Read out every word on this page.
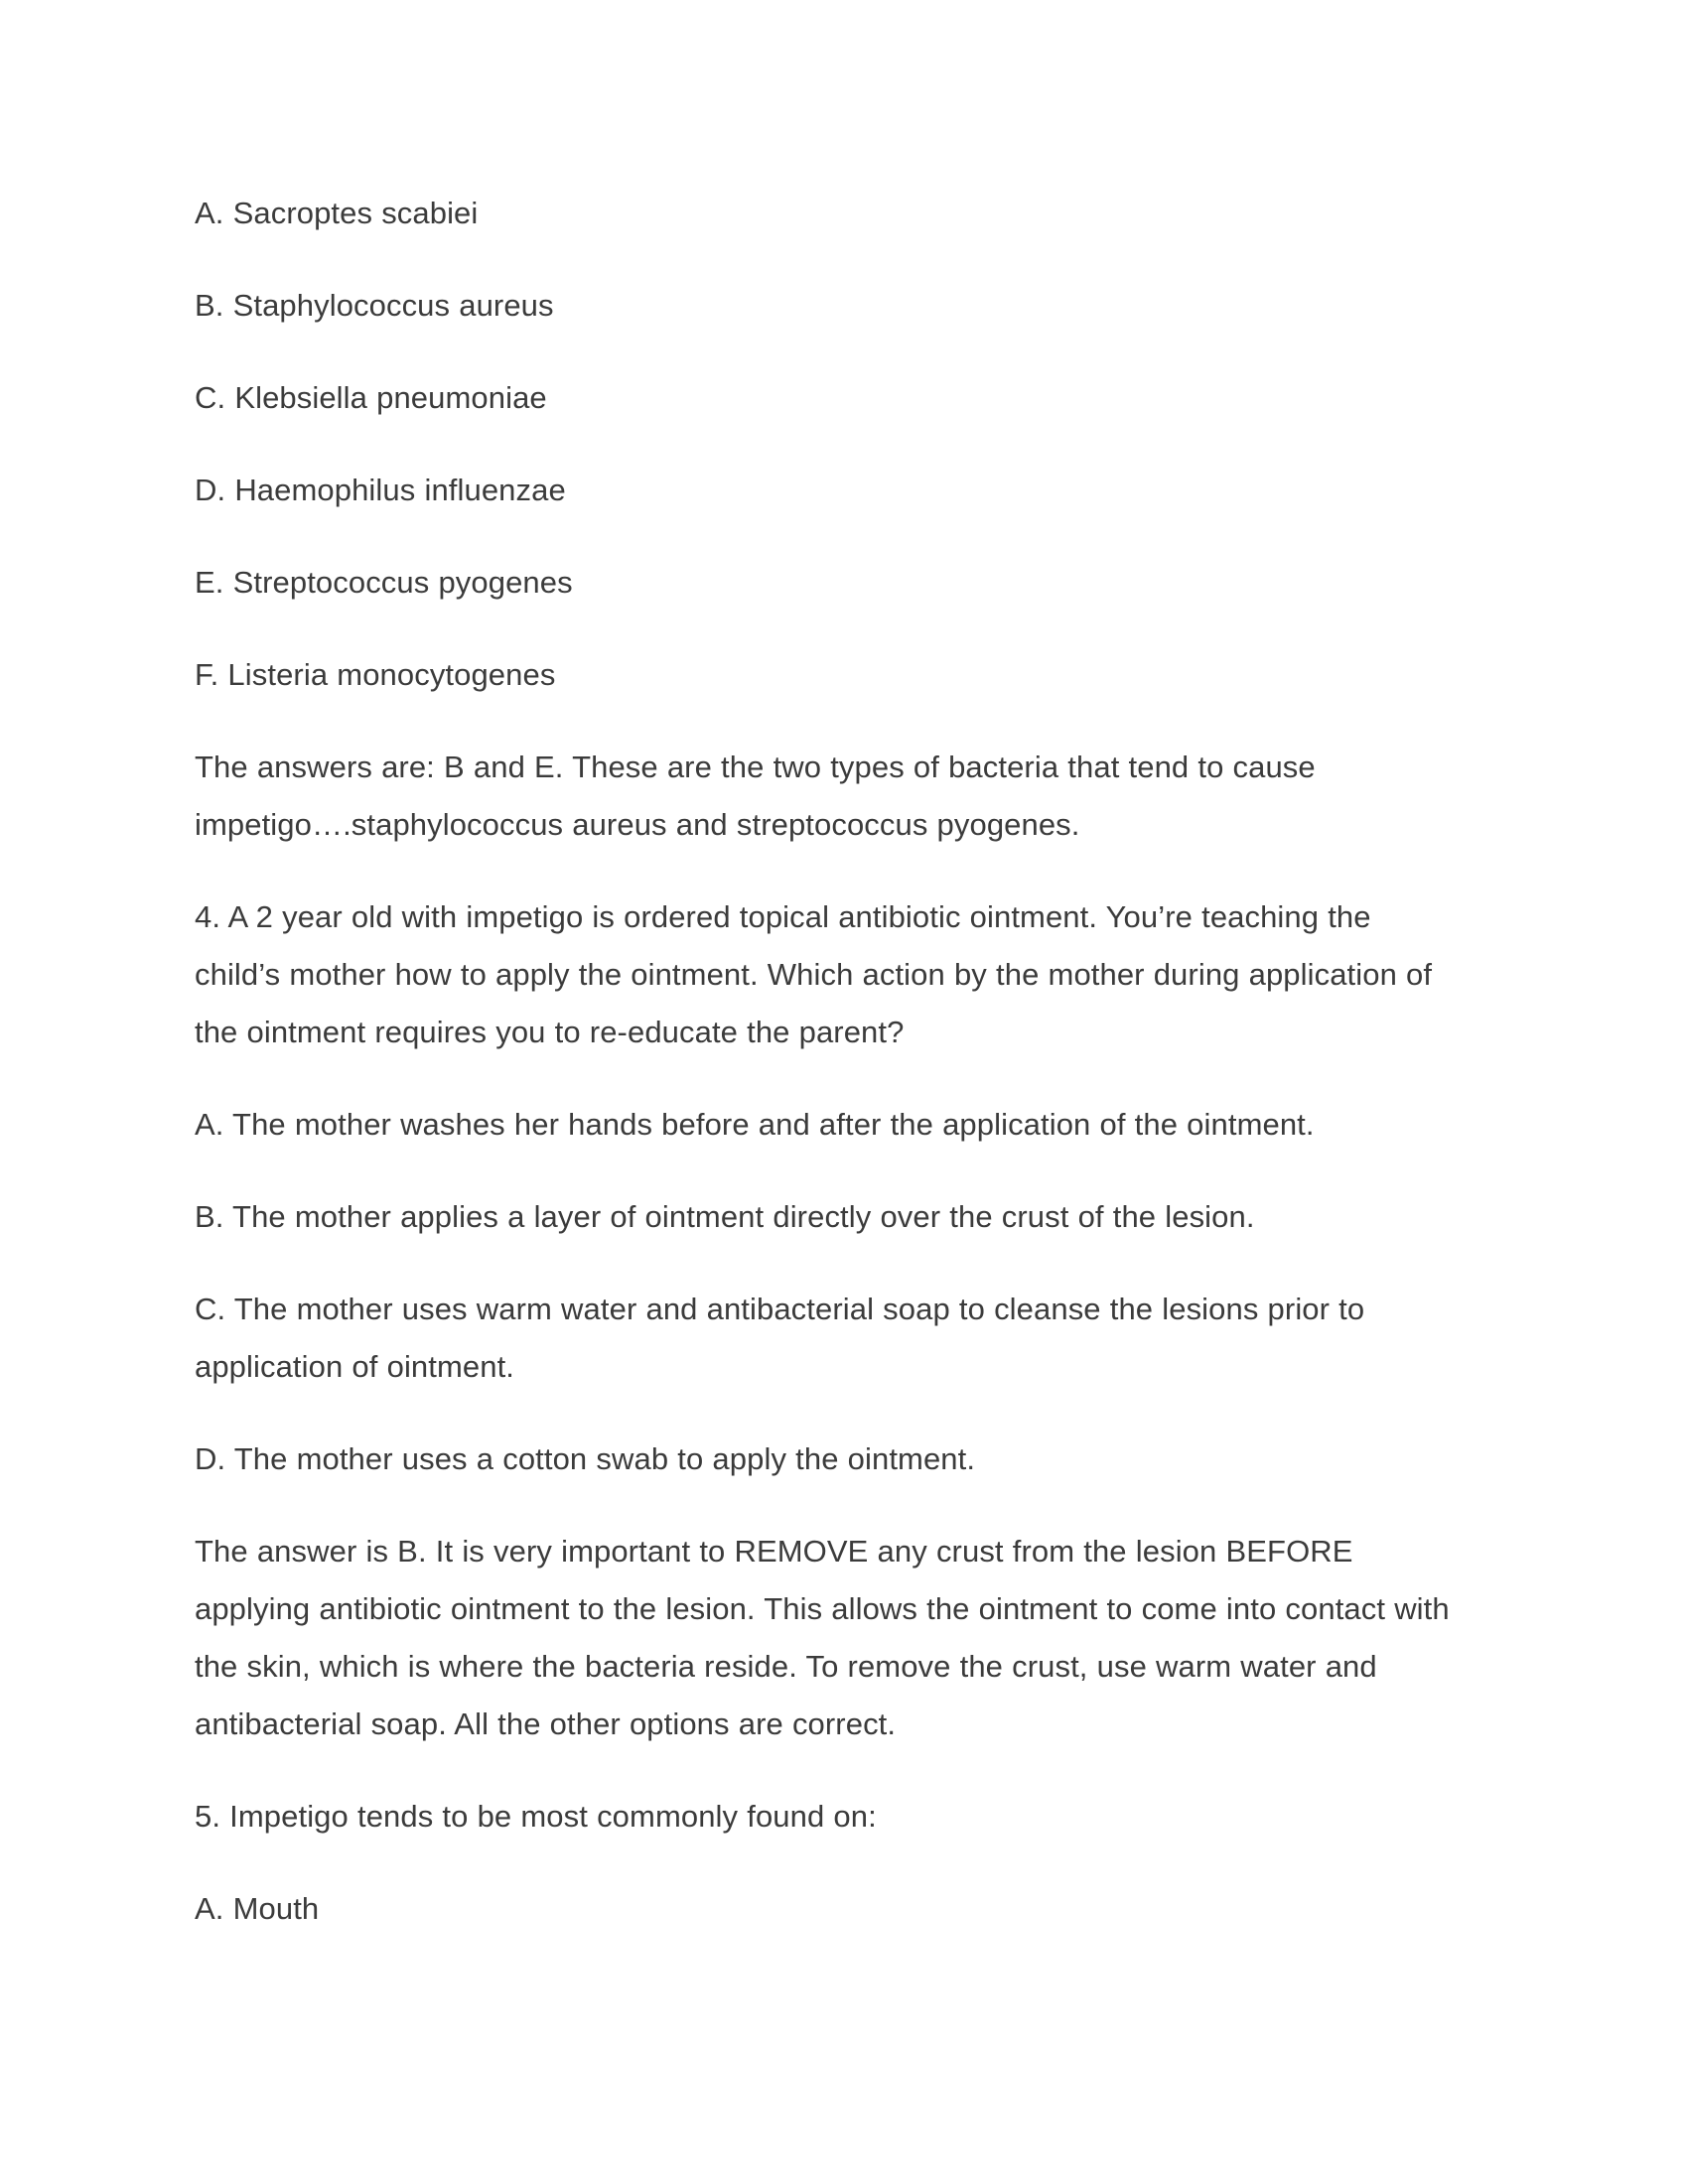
A. Sacroptes scabiei

B. Staphylococcus aureus

C. Klebsiella pneumoniae

D. Haemophilus influenzae

E. Streptococcus pyogenes

F. Listeria monocytogenes

The answers are: B and E. These are the two types of bacteria that tend to cause impetigo….staphylococcus aureus and streptococcus pyogenes.

4. A 2 year old with impetigo is ordered topical antibiotic ointment. You’re teaching the child’s mother how to apply the ointment. Which action by the mother during application of the ointment requires you to re-educate the parent?

A. The mother washes her hands before and after the application of the ointment.

B. The mother applies a layer of ointment directly over the crust of the lesion.

C. The mother uses warm water and antibacterial soap to cleanse the lesions prior to application of ointment.

D. The mother uses a cotton swab to apply the ointment.

The answer is B. It is very important to REMOVE any crust from the lesion BEFORE applying antibiotic ointment to the lesion. This allows the ointment to come into contact with the skin, which is where the bacteria reside. To remove the crust, use warm water and antibacterial soap. All the other options are correct.

5. Impetigo tends to be most commonly found on:

A. Mouth
